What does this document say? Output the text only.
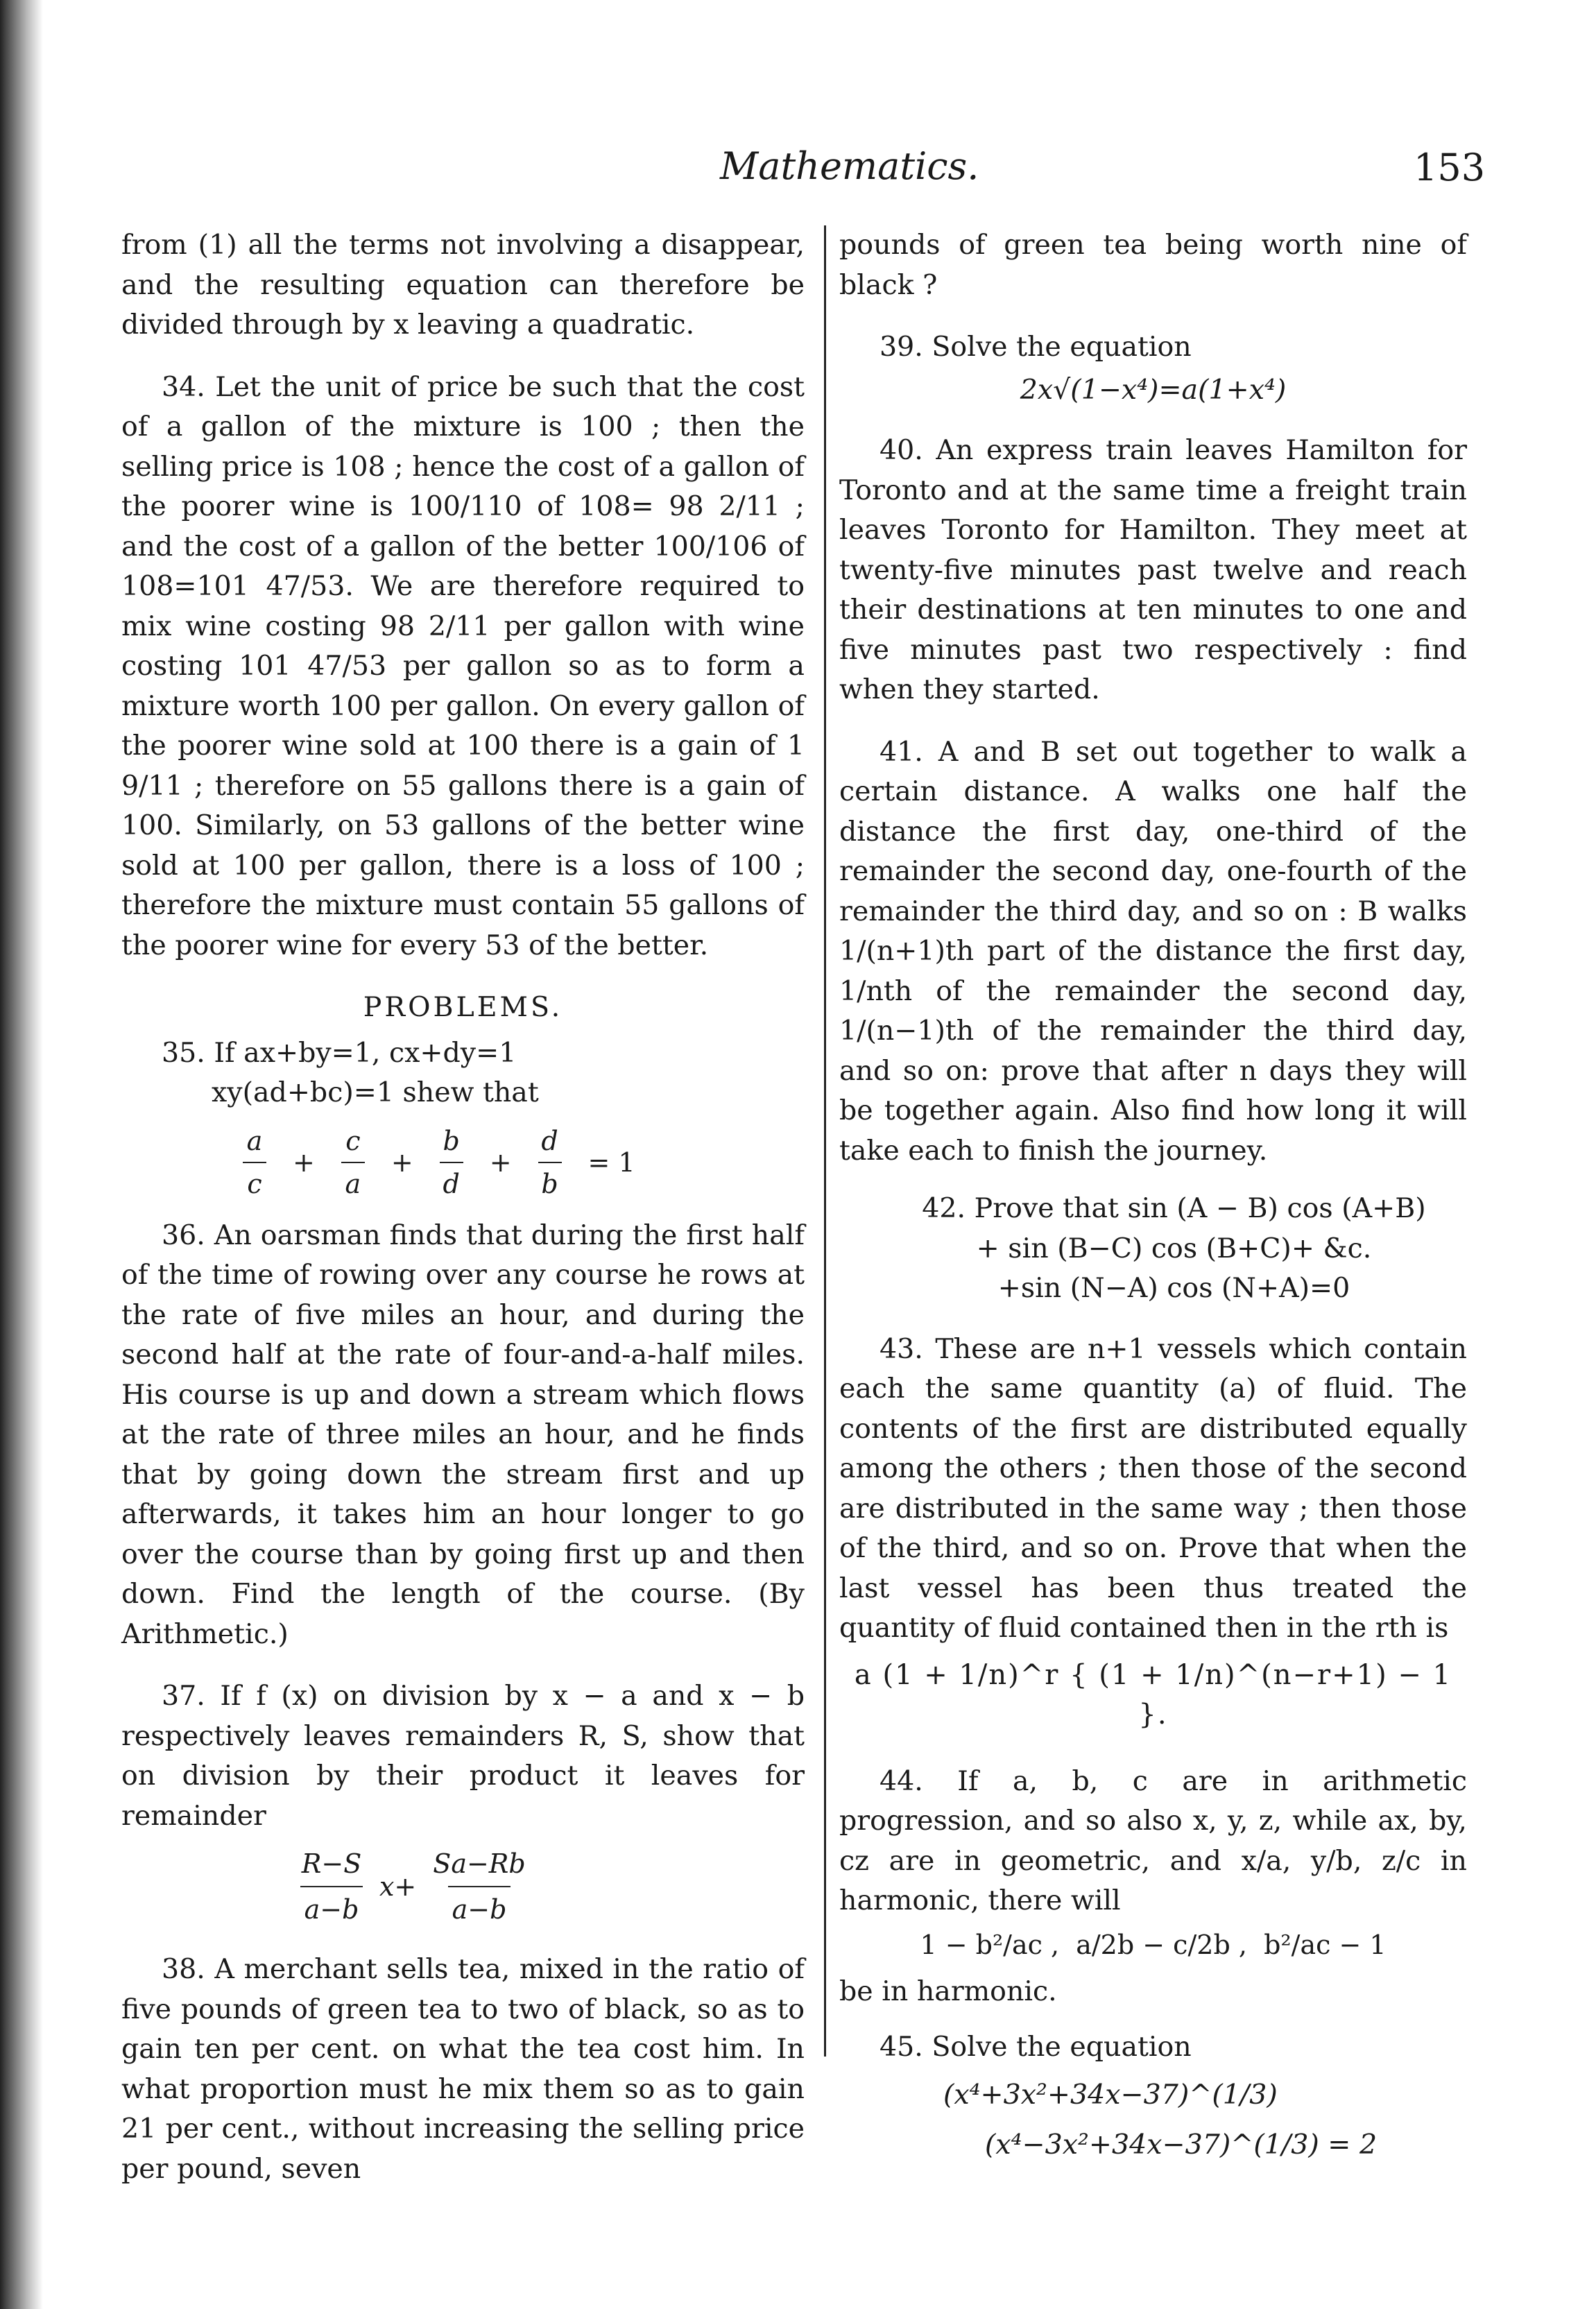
Mathematics.	153

from (1) all the terms not involving a disappear, and the resulting equation can therefore be divided through by x leaving a quadratic.

34. Let the unit of price be such that the cost of a gallon of the mixture is 100 ; then the selling price is 108 ; hence the cost of a gallon of the poorer wine is 100/110 of 108= 98 2/11 ; and the cost of a gallon of the better 100/106 of 108=101 47/53. We are therefore required to mix wine costing 98 2/11 per gallon with wine costing 101 47/53 per gallon so as to form a mixture worth 100 per gallon. On every gallon of the poorer wine sold at 100 there is a gain of 1 9/11 ; therefore on 55 gallons there is a gain of 100. Similarly, on 53 gallons of the better wine sold at 100 per gallon, there is a loss of 100 ; therefore the mixture must contain 55 gallons of the poorer wine for every 53 of the better.

PROBLEMS.
35. If ax+by=1, cx+dy=1
xy(ad+bc)=1 shew that
a
c
+
c
a
+
b
d
+
d
b
= 1

36. An oarsman finds that during the first half of the time of rowing over any course he rows at the rate of five miles an hour, and during the second half at the rate of four-and-a-half miles. His course is up and down a stream which flows at the rate of three miles an hour, and he finds that by going down the stream first and up afterwards, it takes him an hour longer to go over the course than by going first up and then down. Find the length of the course. (By Arithmetic.)

37. If f (x) on division by x − a and x − b respectively leaves remainders R, S, show that on division by their product it leaves for remainder

R−S
a−b
x+
Sa−Rb
a−b

38. A merchant sells tea, mixed in the ratio of five pounds of green tea to two of black, so as to gain ten per cent. on what the tea cost him. In what proportion must he mix them so as to gain 21 per cent., without increasing the selling price per pound, seven

pounds of green tea being worth nine of black ?

39. Solve the equation

2x√(1−x⁴)=a(1+x⁴)

40. An express train leaves Hamilton for Toronto and at the same time a freight train leaves Toronto for Hamilton. They meet at twenty-five minutes past twelve and reach their destinations at ten minutes to one and five minutes past two respectively : find when they started.

41. A and B set out together to walk a certain distance. A walks one half the distance the first day, one-third of the remainder the second day, one-fourth of the remainder the third day, and so on : B walks 1/(n+1)th part of the distance the first day, 1/nth of the remainder the second day, 1/(n−1)th of the remainder the third day, and so on: prove that after n days they will be together again. Also find how long it will take each to finish the journey.

42. Prove that sin (A − B) cos (A+B)
+ sin (B−C) cos (B+C)+ &c.
+sin (N−A) cos (N+A)=0

43. These are n+1 vessels which contain each the same quantity (a) of fluid. The contents of the first are distributed equally among the others ; then those of the second are distributed in the same way ; then those of the third, and so on. Prove that when the last vessel has been thus treated the quantity of fluid contained then in the rth is

a (1 + 1/n)^r { (1 + 1/n)^(n−r+1) − 1 }.

44. If a, b, c are in arithmetic progression, and so also x, y, z, while ax, by, cz are in geometric, and x/a, y/b, z/c in harmonic, there will

1 − b²/ac ,  a/2b − c/2b ,  b²/ac − 1

be in harmonic.

45. Solve the equation

(x⁴+3x²+34x−37)^(1/3)
(x⁴−3x²+34x−37)^(1/3) = 2
